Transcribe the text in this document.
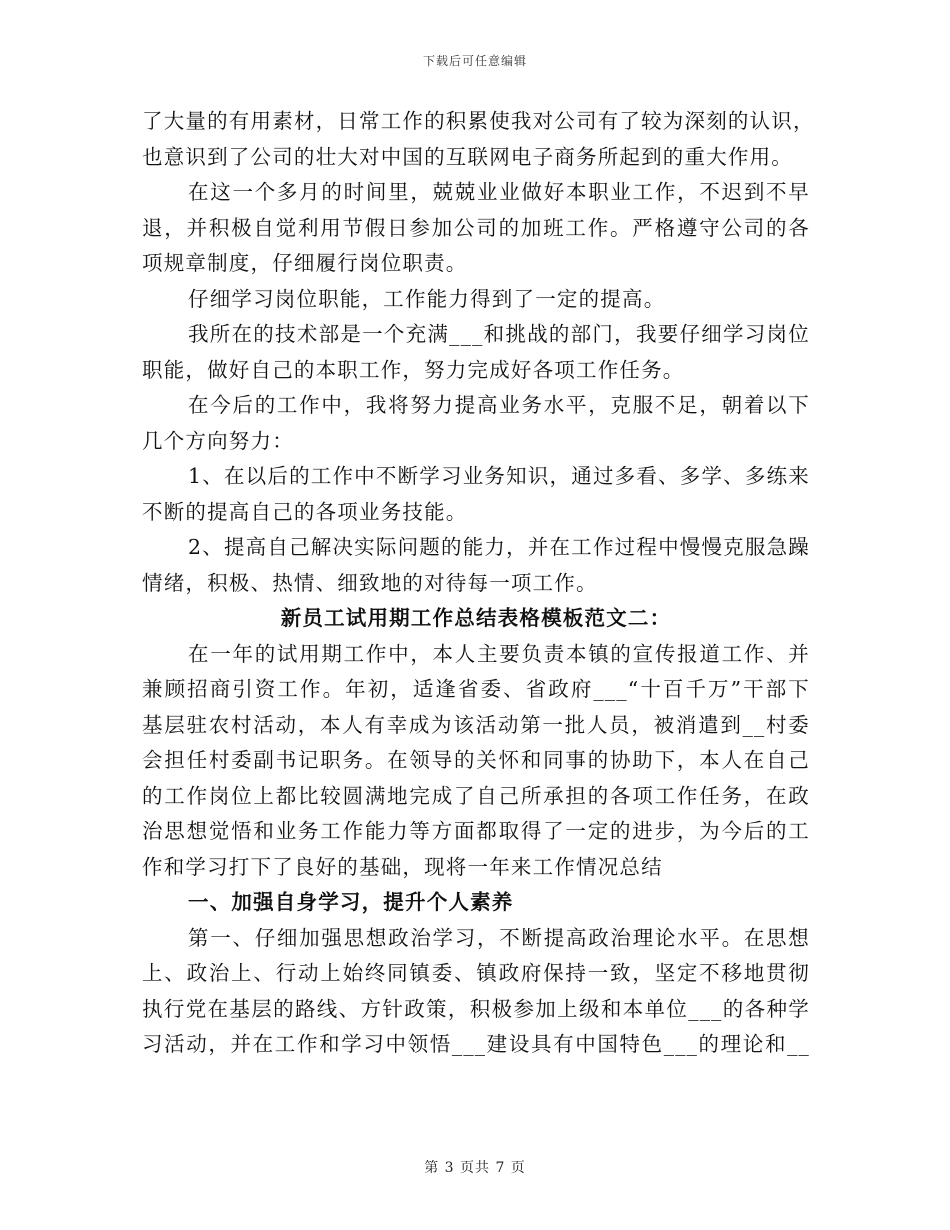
下载后可任意编辑
了大量的有用素材，日常工作的积累使我对公司有了较为深刻的认识，
也意识到了公司的壮大对中国的互联网电子商务所起到的重大作用。
在这一个多月的时间里，兢兢业业做好本职业工作，不迟到不早
退，并积极自觉利用节假日参加公司的加班工作。严格遵守公司的各
项规章制度，仔细履行岗位职责。
仔细学习岗位职能，工作能力得到了一定的提高。
我所在的技术部是一个充满___和挑战的部门，我要仔细学习岗位
职能，做好自己的本职工作，努力完成好各项工作任务。
在今后的工作中，我将努力提高业务水平，克服不足，朝着以下
几个方向努力：
1、在以后的工作中不断学习业务知识，通过多看、多学、多练来
不断的提高自己的各项业务技能。
2、提高自己解决实际问题的能力，并在工作过程中慢慢克服急躁
情绪，积极、热情、细致地的对待每一项工作。
新员工试用期工作总结表格模板范文二：
在一年的试用期工作中，本人主要负责本镇的宣传报道工作、并
兼顾招商引资工作。年初，适逢省委、省政府___“十百千万”干部下
基层驻农村活动，本人有幸成为该活动第一批人员，被消遣到__村委
会担任村委副书记职务。在领导的关怀和同事的协助下，本人在自己
的工作岗位上都比较圆满地完成了自己所承担的各项工作任务，在政
治思想觉悟和业务工作能力等方面都取得了一定的进步，为今后的工
作和学习打下了良好的基础，现将一年来工作情况总结
一、加强自身学习，提升个人素养
第一、仔细加强思想政治学习，不断提高政治理论水平。在思想
上、政治上、行动上始终同镇委、镇政府保持一致，坚定不移地贯彻
执行党在基层的路线、方针政策，积极参加上级和本单位___的各种学
习活动，并在工作和学习中领悟___建设具有中国特色___的理论和__
第 3 页共 7 页
